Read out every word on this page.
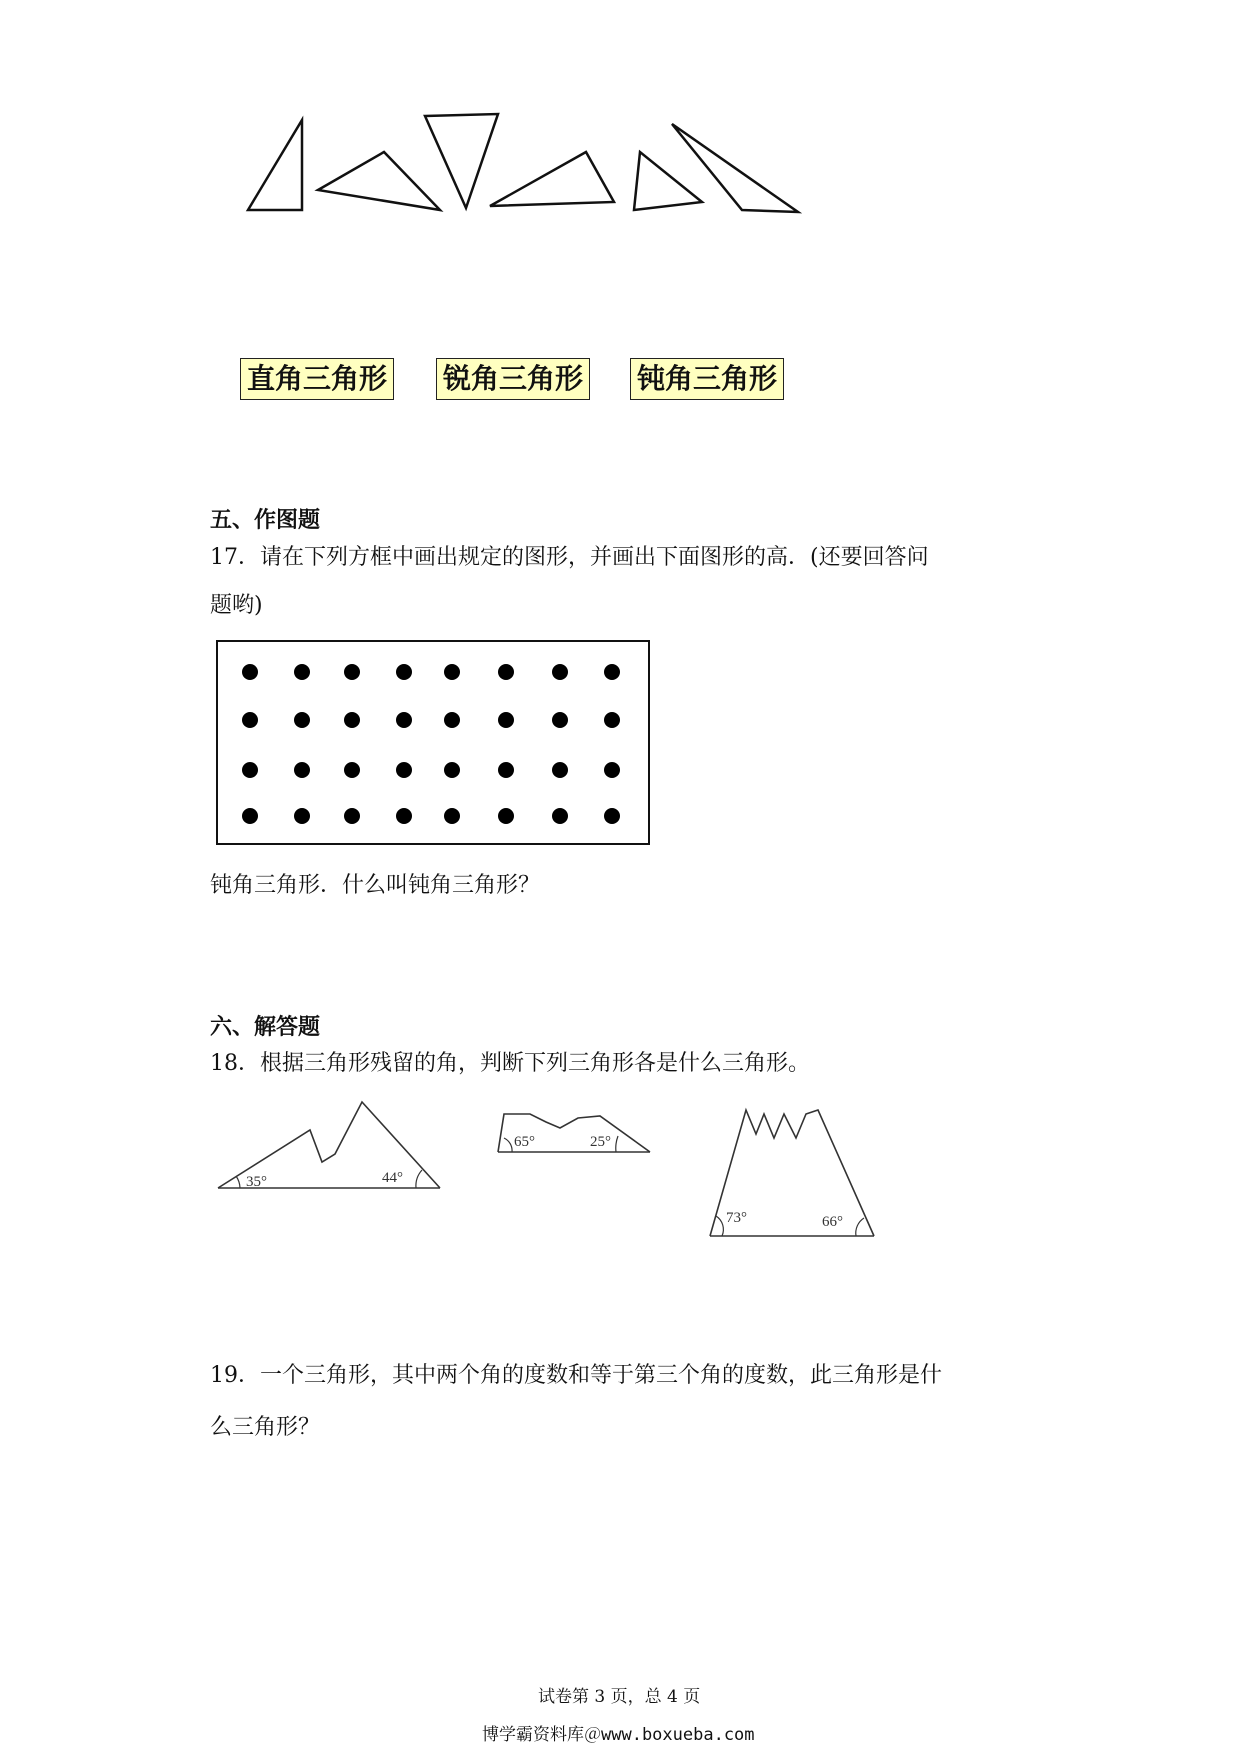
直角三角形 锐角三角形 钝角三角形
五、作图题
17．请在下列方框中画出规定的图形，并画出下面图形的高．(还要回答问
题哟)
钝角三角形．什么叫钝角三角形？
六、解答题
18．根据三角形残留的角，判断下列三角形各是什么三角形。
35°	44°
65°	25°
73°	66°
19．一个三角形，其中两个角的度数和等于第三个角的度数，此三角形是什
么三角形？
试卷第 3 页，总 4 页
博学霸资料库＠www.boxueba.com
